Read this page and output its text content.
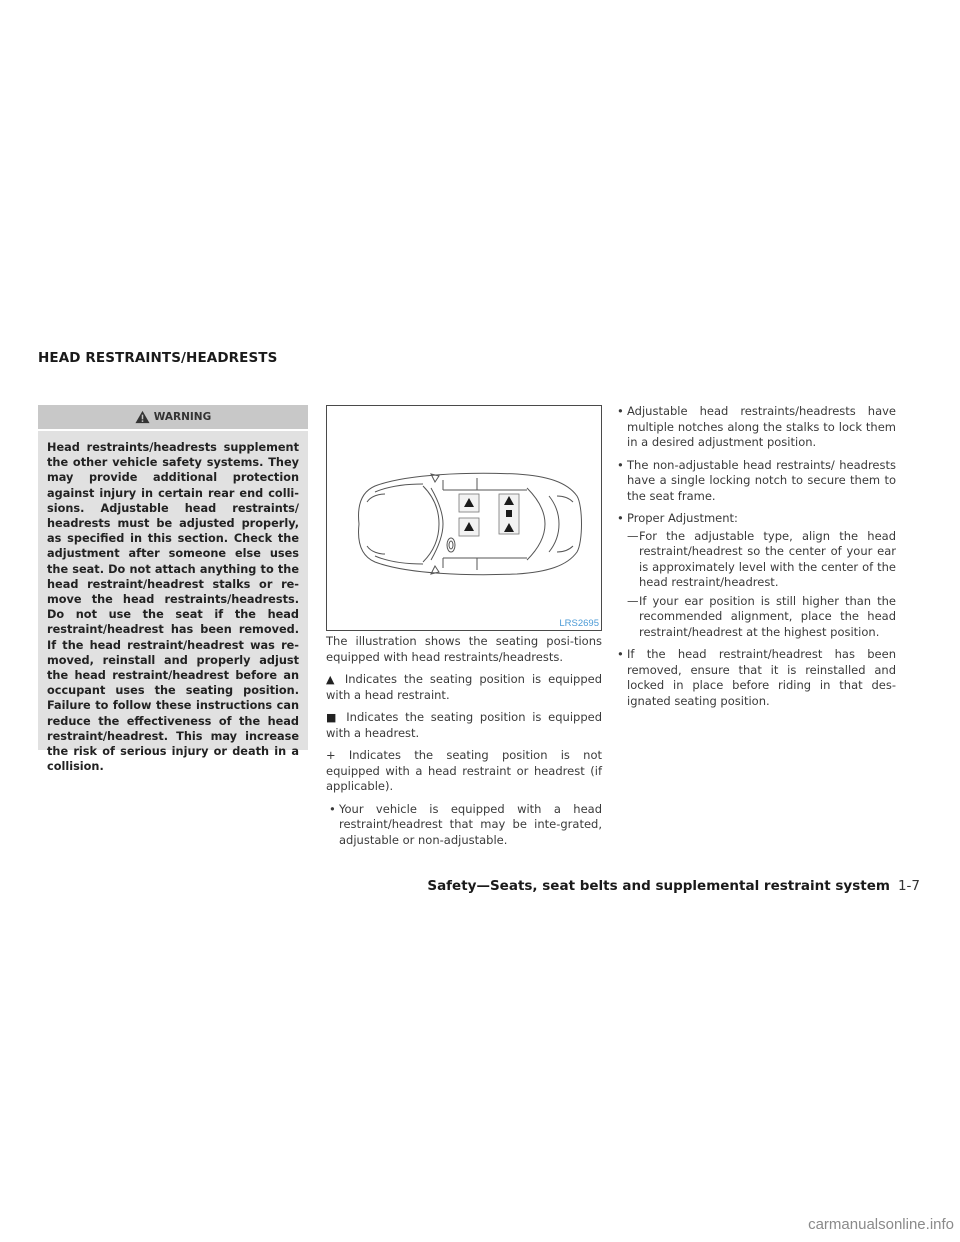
HEAD RESTRAINTS/HEADRESTS
WARNING

Head restraints/headrests supplement the other vehicle safety systems. They may provide additional protection against injury in certain rear end colli-sions. Adjustable head restraints/ headrests must be adjusted properly, as specified in this section. Check the adjustment after someone else uses the seat. Do not attach anything to the head restraint/headrest stalks or re-move the head restraints/headrests. Do not use the seat if the head restraint/headrest has been removed. If the head restraint/headrest was re-moved, reinstall and properly adjust the head restraint/headrest before an occupant uses the seating position. Failure to follow these instructions can reduce the effectiveness of the head restraint/headrest. This may increase the risk of serious injury or death in a collision.

LRS2695

The illustration shows the seating posi-tions equipped with head restraints/headrests.

▲ Indicates the seating position is equipped with a head restraint.

■ Indicates the seating position is equipped with a headrest.

+ Indicates the seating position is not equipped with a head restraint or headrest (if applicable).

• Your vehicle is equipped with a head restraint/headrest that may be inte-grated, adjustable or non-adjustable.

• Adjustable head restraints/headrests have multiple notches along the stalks to lock them in a desired adjustment position.

• The non-adjustable head restraints/ headrests have a single locking notch to secure them to the seat frame.

• Proper Adjustment:

— For the adjustable type, align the head restraint/headrest so the center of your ear is approximately level with the center of the head restraint/headrest.

— If your ear position is still higher than the recommended alignment, place the head restraint/headrest at the highest position.

• If the head restraint/headrest has been removed, ensure that it is reinstalled and locked in place before riding in that des-ignated seating position.

Safety—Seats, seat belts and supplemental restraint system 1-7
carmanualsonline.info
